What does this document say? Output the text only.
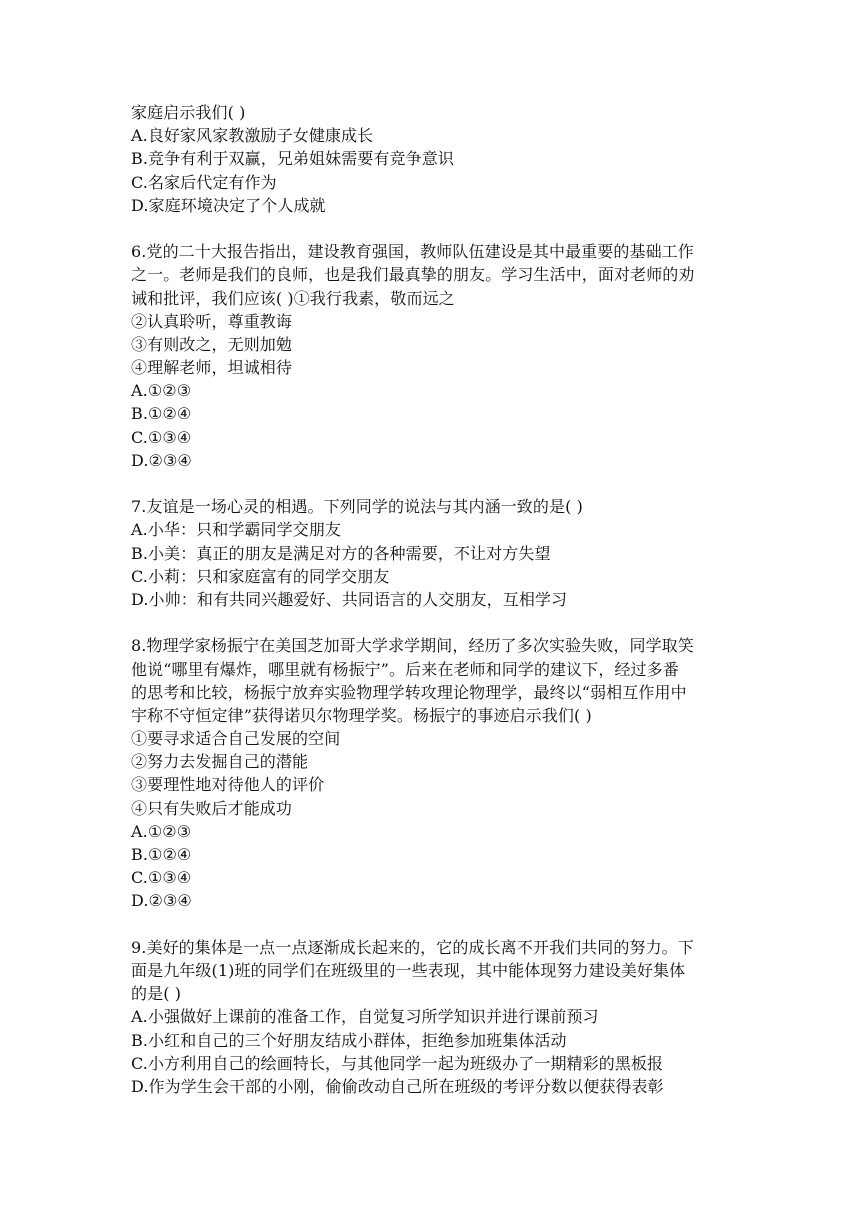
家庭启示我们( )
A.良好家风家教激励子女健康成长
B.竞争有利于双赢，兄弟姐妹需要有竞争意识
C.名家后代定有作为
D.家庭环境决定了个人成就
6.党的二十大报告指出，建设教育强国，教师队伍建设是其中最重要的基础工作
之一。老师是我们的良师，也是我们最真挚的朋友。学习生活中，面对老师的劝
诫和批评，我们应该( )①我行我素，敬而远之
②认真聆听，尊重教诲
③有则改之，无则加勉
④理解老师，坦诚相待
A.①②③
B.①②④
C.①③④
D.②③④
7.友谊是一场心灵的相遇。下列同学的说法与其内涵一致的是( )
A.小华：只和学霸同学交朋友
B.小美：真正的朋友是满足对方的各种需要，不让对方失望
C.小莉：只和家庭富有的同学交朋友
D.小帅：和有共同兴趣爱好、共同语言的人交朋友，互相学习
8.物理学家杨振宁在美国芝加哥大学求学期间，经历了多次实验失败，同学取笑
他说“哪里有爆炸，哪里就有杨振宁”。后来在老师和同学的建议下，经过多番
的思考和比较，杨振宁放弃实验物理学转攻理论物理学，最终以“弱相互作用中
宇称不守恒定律”获得诺贝尔物理学奖。杨振宁的事迹启示我们( )
①要寻求适合自己发展的空间
②努力去发掘自己的潜能
③要理性地对待他人的评价
④只有失败后才能成功
A.①②③
B.①②④
C.①③④
D.②③④
9.美好的集体是一点一点逐渐成长起来的，它的成长离不开我们共同的努力。下
面是九年级(1)班的同学们在班级里的一些表现，其中能体现努力建设美好集体
的是( )
A.小强做好上课前的准备工作，自觉复习所学知识并进行课前预习
B.小红和自己的三个好朋友结成小群体，拒绝参加班集体活动
C.小方利用自己的绘画特长，与其他同学一起为班级办了一期精彩的黑板报
D.作为学生会干部的小刚，偷偷改动自己所在班级的考评分数以便获得表彰
